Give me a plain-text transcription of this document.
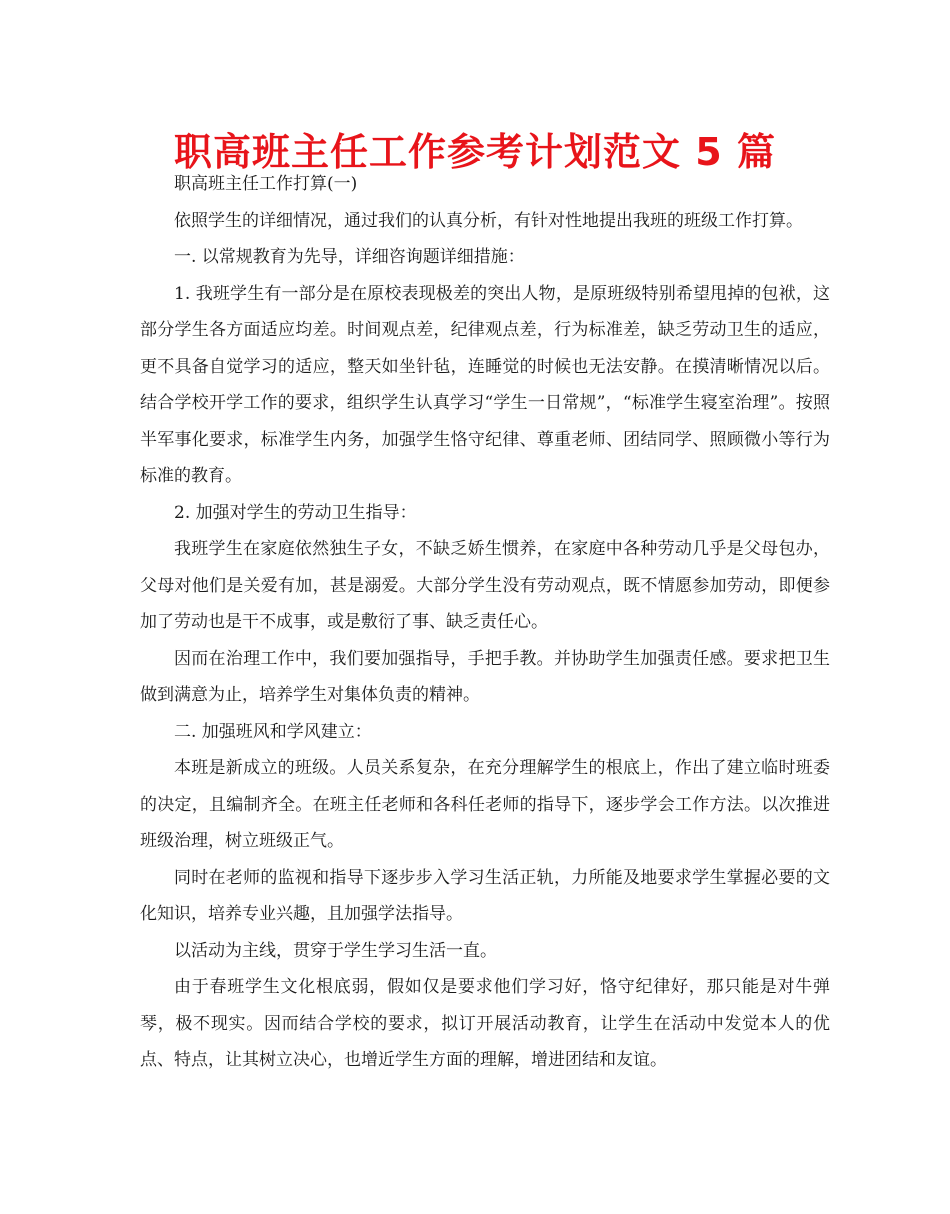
职高班主任工作参考计划范文 5 篇

职高班主任工作打算(一)

依照学生的详细情况，通过我们的认真分析，有针对性地提出我班的班级工作打算。

一. 以常规教育为先导，详细咨询题详细措施：

1. 我班学生有一部分是在原校表现极差的突出人物，是原班级特别希望甩掉的包袱，这部分学生各方面适应均差。时间观点差，纪律观点差，行为标准差，缺乏劳动卫生的适应，更不具备自觉学习的适应，整天如坐针毡，连睡觉的时候也无法安静。在摸清晰情况以后。结合学校开学工作的要求，组织学生认真学习“学生一日常规”，“标准学生寝室治理”。按照半军事化要求，标准学生内务，加强学生恪守纪律、尊重老师、团结同学、照顾微小等行为标准的教育。

2. 加强对学生的劳动卫生指导：

我班学生在家庭依然独生子女，不缺乏娇生惯养，在家庭中各种劳动几乎是父母包办，父母对他们是关爱有加，甚是溺爱。大部分学生没有劳动观点，既不情愿参加劳动，即便参加了劳动也是干不成事，或是敷衍了事、缺乏责任心。

因而在治理工作中，我们要加强指导，手把手教。并协助学生加强责任感。要求把卫生做到满意为止，培养学生对集体负责的精神。

二. 加强班风和学风建立：

本班是新成立的班级。人员关系复杂，在充分理解学生的根底上，作出了建立临时班委的决定，且编制齐全。在班主任老师和各科任老师的指导下，逐步学会工作方法。以次推进班级治理，树立班级正气。

同时在老师的监视和指导下逐步步入学习生活正轨，力所能及地要求学生掌握必要的文化知识，培养专业兴趣，且加强学法指导。

以活动为主线，贯穿于学生学习生活一直。

由于春班学生文化根底弱，假如仅是要求他们学习好，恪守纪律好，那只能是对牛弹琴，极不现实。因而结合学校的要求，拟订开展活动教育，让学生在活动中发觉本人的优点、特点，让其树立决心，也增近学生方面的理解，增进团结和友谊。
